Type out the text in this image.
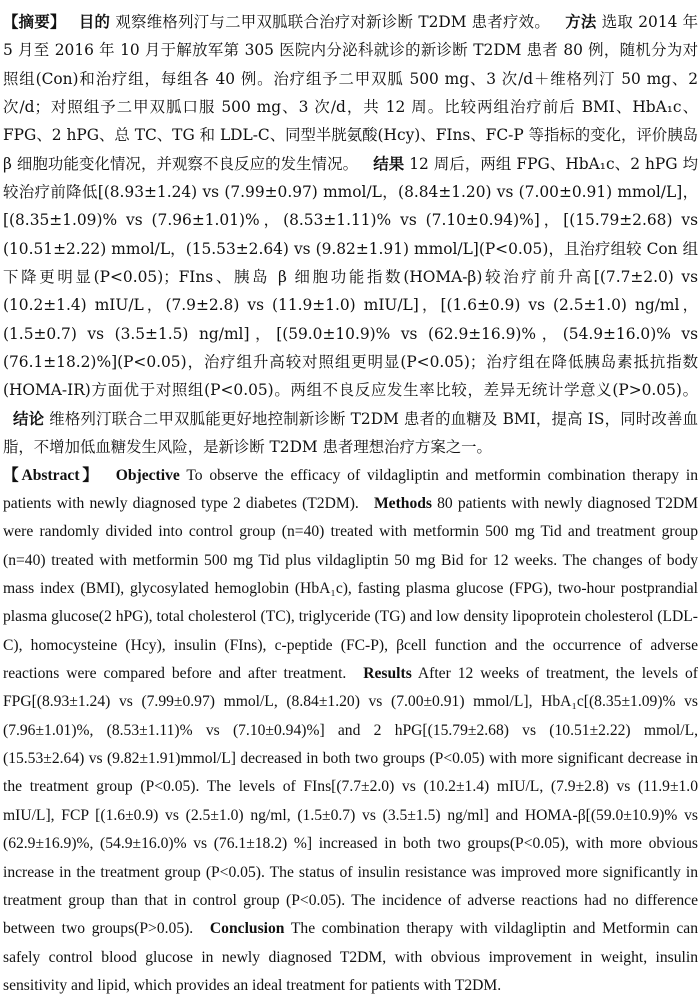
【摘要】 目的 观察维格列汀与二甲双胍联合治疗对新诊断 T2DM 患者疗效。 方法 选取 2014 年 5 月至 2016 年 10 月于解放军第 305 医院内分泌科就诊的新诊断 T2DM 患者 80 例，随机分为对照组(Con)和治疗组，每组各 40 例。治疗组予二甲双胍 500 mg、3 次/d＋维格列汀 50 mg、2 次/d；对照组予二甲双胍口服 500 mg、3 次/d，共 12 周。比较两组治疗前后 BMI、HbA₁c、FPG、2 hPG、总 TC、TG 和 LDL-C、同型半胱氨酸(Hcy)、FIns、FC-P 等指标的变化，评价胰岛 β 细胞功能变化情况，并观察不良反应的发生情况。 结果 12 周后，两组 FPG、HbA₁c、2 hPG 均较治疗前降低[(8.93±1.24) vs (7.99±0.97) mmol/L，(8.84±1.20) vs (7.00±0.91) mmol/L]，[(8.35±1.09)% vs (7.96±1.01)%，(8.53±1.11)% vs (7.10±0.94)%]，[(15.79±2.68) vs (10.51±2.22) mmol/L，(15.53±2.64) vs (9.82±1.91) mmol/L](P<0.05)，且治疗组较 Con 组下降更明显(P<0.05)；FIns、胰岛 β 细胞功能指数(HOMA-β)较治疗前升高[(7.7±2.0) vs (10.2±1.4) mIU/L，(7.9±2.8) vs (11.9±1.0) mIU/L]，[(1.6±0.9) vs (2.5±1.0) ng/ml，(1.5±0.7) vs (3.5±1.5) ng/ml]，[(59.0±10.9)% vs (62.9±16.9)%，(54.9±16.0)% vs (76.1±18.2)%](P<0.05)，治疗组升高较对照组更明显(P<0.05)；治疗组在降低胰岛素抵抗指数(HOMA-IR)方面优于对照组(P<0.05)。两组不良反应发生率比较，差异无统计学意义(P>0.05)。 结论 维格列汀联合二甲双胍能更好地控制新诊断 T2DM 患者的血糖及 BMI，提高 IS，同时改善血脂，不增加低血糖发生风险，是新诊断 T2DM 患者理想治疗方案之一。

【Abstract】 Objective To observe the efficacy of vildagliptin and metformin combination therapy in patients with newly diagnosed type 2 diabetes (T2DM). Methods 80 patients with newly diagnosed T2DM were randomly divided into control group (n=40) treated with metformin 500 mg Tid and treatment group (n=40) treated with metformin 500 mg Tid plus vildagliptin 50 mg Bid for 12 weeks. The changes of body mass index (BMI), glycosylated hemoglobin (HbA₁c), fasting plasma glucose (FPG), two-hour postprandial plasma glucose(2 hPG), total cholesterol (TC), triglyceride (TG) and low density lipoprotein cholesterol (LDL-C), homocysteine (Hcy), insulin (FIns), c-peptide (FC-P), βcell function and the occurrence of adverse reactions were compared before and after treatment. Results After 12 weeks of treatment, the levels of FPG[(8.93±1.24) vs (7.99±0.97) mmol/L, (8.84±1.20) vs (7.00±0.91) mmol/L], HbA₁c[(8.35±1.09)% vs (7.96±1.01)%, (8.53±1.11)% vs (7.10±0.94)%] and 2 hPG[(15.79±2.68) vs (10.51±2.22) mmol/L, (15.53±2.64) vs (9.82±1.91)mmol/L] decreased in both two groups (P<0.05) with more significant decrease in the treatment group (P<0.05). The levels of FIns[(7.7±2.0) vs (10.2±1.4) mIU/L, (7.9±2.8) vs (11.9±1.0 mIU/L], FCP [(1.6±0.9) vs (2.5±1.0) ng/ml, (1.5±0.7) vs (3.5±1.5) ng/ml] and HOMA-β[(59.0±10.9)% vs (62.9±16.9)%, (54.9±16.0)% vs (76.1±18.2) %] increased in both two groups(P<0.05), with more obvious increase in the treatment group (P<0.05). The status of insulin resistance was improved more significantly in treatment group than that in control group (P<0.05). The incidence of adverse reactions had no difference between two groups(P>0.05). Conclusion The combination therapy with vildagliptin and Metformin can safely control blood glucose in newly diagnosed T2DM, with obvious improvement in weight, insulin sensitivity and lipid, which provides an ideal treatment for patients with T2DM.
